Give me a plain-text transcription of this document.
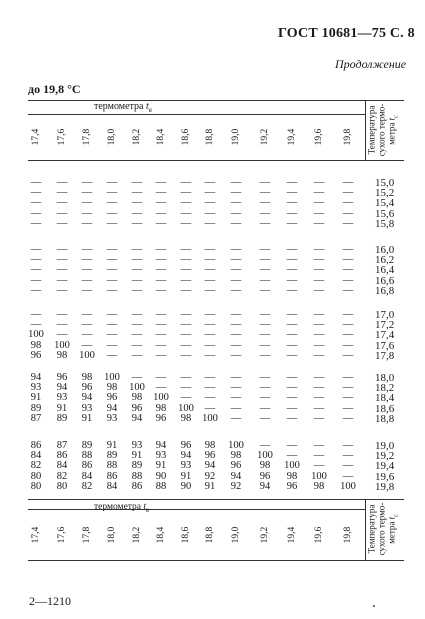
ГОСТ 10681—75 С. 8
Продолжение
до 19,8 °C
термометра $t_в$
17,4 17,6 17,8 18,0 18,2 18,4 18,6 18,8 19,0 19,2 19,4 19,6 19,8 Температура сухого термо- метра $t_с$
—	—	—	—	—	—	—	—	—	—	—	—	—	15,0
—	—	—	—	—	—	—	—	—	—	—	—	—	15,2
—	—	—	—	—	—	—	—	—	—	—	—	—	15,4
—	—	—	—	—	—	—	—	—	—	—	—	—	15,6
—	—	—	—	—	—	—	—	—	—	—	—	—	15,8
—	—	—	—	—	—	—	—	—	—	—	—	—	16,0
—	—	—	—	—	—	—	—	—	—	—	—	—	16,2
—	—	—	—	—	—	—	—	—	—	—	—	—	16,4
—	—	—	—	—	—	—	—	—	—	—	—	—	16,6
—	—	—	—	—	—	—	—	—	—	—	—	—	16,8
—	—	—	—	—	—	—	—	—	—	—	—	—	17,0
—	—	—	—	—	—	—	—	—	—	—	—	—	17,2
100	—	—	—	—	—	—	—	—	—	—	—	—	17,4
98	100	—	—	—	—	—	—	—	—	—	—	—	17,6
96	98	100	—	—	—	—	—	—	—	—	—	—	17,8
94	96	98	100	—	—	—	—	—	—	—	—	—	18,0
93	94	96	98	100	—	—	—	—	—	—	—	—	18,2
91	93	94	96	98	100	—	—	—	—	—	—	—	18,4
89	91	93	94	96	98	100	—	—	—	—	—	—	18,6
87	89	91	93	94	96	98	100	—	—	—	—	—	18,8
86	87	89	91	93	94	96	98	100	—	—	—	—	19,0
84	86	88	89	91	93	94	96	98	100	—	—	—	19,2
82	84	86	88	89	91	93	94	96	98	100	—	—	19,4
80	82	84	86	88	90	91	92	94	96	98	100	—	19,6
80	80	82	84	86	88	90	91	92	94	96	98	100	19,8
термометра $t_в$
17,4 17,6 17,8 18,0 18,2 18,4 18,6 18,8 19,0 19,2 19,4 19,6 19,8 Температура сухого термо- метра $t_с$
2—1210
